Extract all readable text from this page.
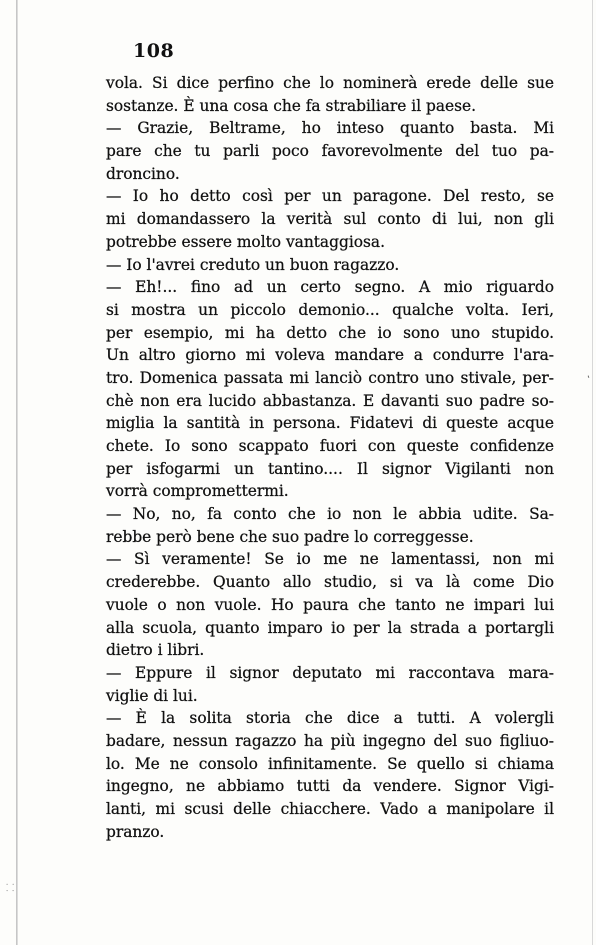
108
vola. Si dice perfino che lo nominerà erede delle sue
sostanze. È una cosa che fa strabiliare il paese.
— Grazie, Beltrame, ho inteso quanto basta. Mi
pare che tu parli poco favorevolmente del tuo pa-
droncino.
— Io ho detto così per un paragone. Del resto, se
mi domandassero la verità sul conto di lui, non gli
potrebbe essere molto vantaggiosa.
— Io l'avrei creduto un buon ragazzo.
— Eh!... fino ad un certo segno. A mio riguardo
si mostra un piccolo demonio... qualche volta. Ieri,
per esempio, mi ha detto che io sono uno stupido.
Un altro giorno mi voleva mandare a condurre l'ara-
tro. Domenica passata mi lanciò contro uno stivale, per-
chè non era lucido abbastanza. E davanti suo padre so-
miglia la santità in persona. Fidatevi di queste acque
chete. Io sono scappato fuori con queste confidenze
per isfogarmi un tantino.... Il signor Vigilanti non
vorrà compromettermi.
— No, no, fa conto che io non le abbia udite. Sa-
rebbe però bene che suo padre lo correggesse.
— Sì veramente! Se io me ne lamentassi, non mi
crederebbe. Quanto allo studio, si va là come Dio
vuole o non vuole. Ho paura che tanto ne impari lui
alla scuola, quanto imparo io per la strada a portargli
dietro i libri.
— Eppure il signor deputato mi raccontava mara-
viglie di lui.
— È la solita storia che dice a tutti. A volergli
badare, nessun ragazzo ha più ingegno del suo figliuo-
lo. Me ne consolo infinitamente. Se quello si chiama
ingegno, ne abbiamo tutti da vendere. Signor Vigi-
lanti, mi scusi delle chiacchere. Vado a manipolare il
pranzo.
⸬
ʽ
